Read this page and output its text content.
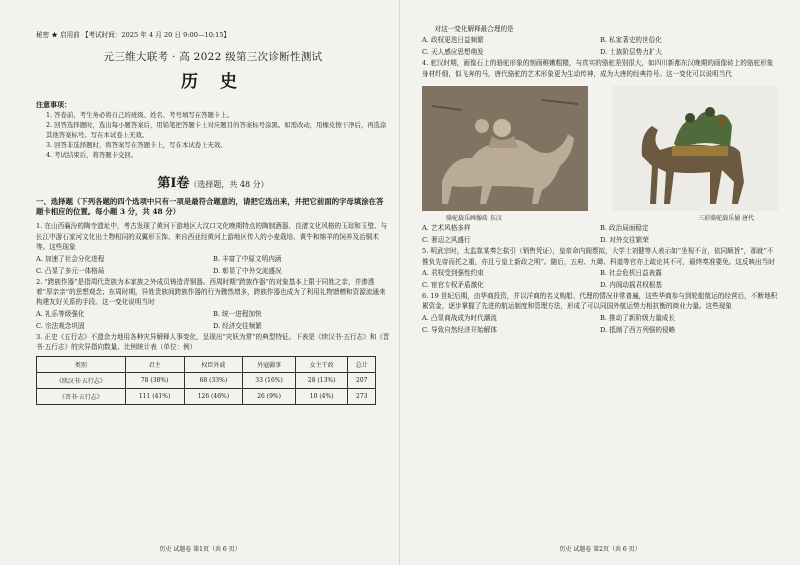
秘密 ★ 启用前 【考试时间：2025 年 4 月 20 日 9:00—10:15】

元三维大联考 · 高 2022 级第三次诊断性测试

历 史

注意事项：

1. 答卷前，考生务必将自己的班级、姓名、考号填写在答题卡上。

2. 回答选择题时，选出每小题答案后，用铅笔把答题卡上对应题目的答案标号涂黑。如需改动，用橡皮擦干净后，再选涂其他答案标号。写在本试卷上无效。

3. 回答非选择题时，将答案写在答题卡上，写在本试卷上无效。

4. 考试结束后，将答题卡交回。

第Ⅰ卷（选择题，共 48 分）

一、选择题（下列各题的四个选项中只有一项是最符合题意的，请把它选出来，并把它前面的字母填涂在答题卡相应的位置。每小题 3 分，共 48 分）

1. 在山西襄汾的陶寺遗址中，考古发现了黄河下游地区大汶口文化晚期特点的陶制酒器、良渚文化风格的玉琮和玉璧、与长江中游石家河文化出土物相同的双翼形玉饰、来自西亚经黄河上游地区传入的小麦栽培、黄牛和绵羊的饲养及冶铜术等。这些现象

A. 加速了社会分化进程	B. 丰富了中原文明内涵
C. 凸显了多元一体格局	D. 彰显了中外交流盛况

2. “跨族作器”是指周代贵族为本家族之外成员铸造青铜器。西周时期“跨族作器”的对象基本上限于同姓之亲，并渗透着“厚亲亲”的思想观念；东周时期，异姓贵族间跨族作器的行为骤然增多，跨族作器也成为了利用礼物馈赠和资源流通来构建友好关系的手段。这一变化说明当时

A. 礼乐等级强化	B. 统一进程加快
C. 宗法观念巩固	D. 经济交往频繁

3. 正史《五行志》不遗余力地用各种灾异解释人事变化，呈现出“灾妖为常”的典型特征。下表是《续汉书·五行志》和《晋书·五行志》的灾异指向数量、比例统计表（单位：例）

类别	君主	权臣外戚	外寇疆事	女主干政	总计
《续汉书·五行志》	78 (38%)	68 (33%)	33 (16%)	28 (13%)	207
《晋书·五行志》	111 (41%)	126 (46%)	26 (9%)	10 (4%)	273

历史 试题卷 第1页（共 6 页）

对这一变化解释最合理的是

A. 政权更迭日益频繁	B. 私家著史的世俗化
C. 天人感应思想萌发	D. 士族阶层势力扩大

4. 驼汉时期，画像石上的骆驼形象的刻画稚嫩粗糙，与真实的骆驼差别很大，如四川新都东汉晚期的画像砖上的骆驼形象身材纤细，似飞奔的马，唐代骆驼的艺术形象更为生动传神，成为大唐的经典符号。这一变化可以说明当代

骆驼载乐画像砖 东汉	三彩骆驼载乐俑 唐代
A. 艺术风格多样	B. 政治局面稳定
C. 奢迈之风盛行	D. 对外交往繁荣

5. 明武宗时，太监崔某奏乞盐引（销售凭证），皇帝命内阁票拟，大学士刘健等人表示如“坐视不言，依同顺旨”，那就“不惟负先帝而托之重，亦且亏皇上新政之明”。随后，五府、九卿、科道等官亦上疏论其不可，最终奏准要免。这反映出当时

A. 君权受到强性约束	B. 社会危机日益表露
C. 宦官专权矛盾激化	D. 内阁动摇君权根基

6. 19 世纪后期，由华商投资，并以洋商的名义购船、代理的情况非常普遍，这些华商参与到轮船航运的经营后，不断地积累资金，逐步掌握了先进的航运制度和管理方法，形成了可以同国外航运势力相抗衡的商业力量。这些现象

A. 凸显商战成为时代潮流	B. 推动了新阶级力量成长
C. 导致自然经济开始解体	D. 抵制了西方列强的侵略

历史 试题卷 第2页（共 6 页）
